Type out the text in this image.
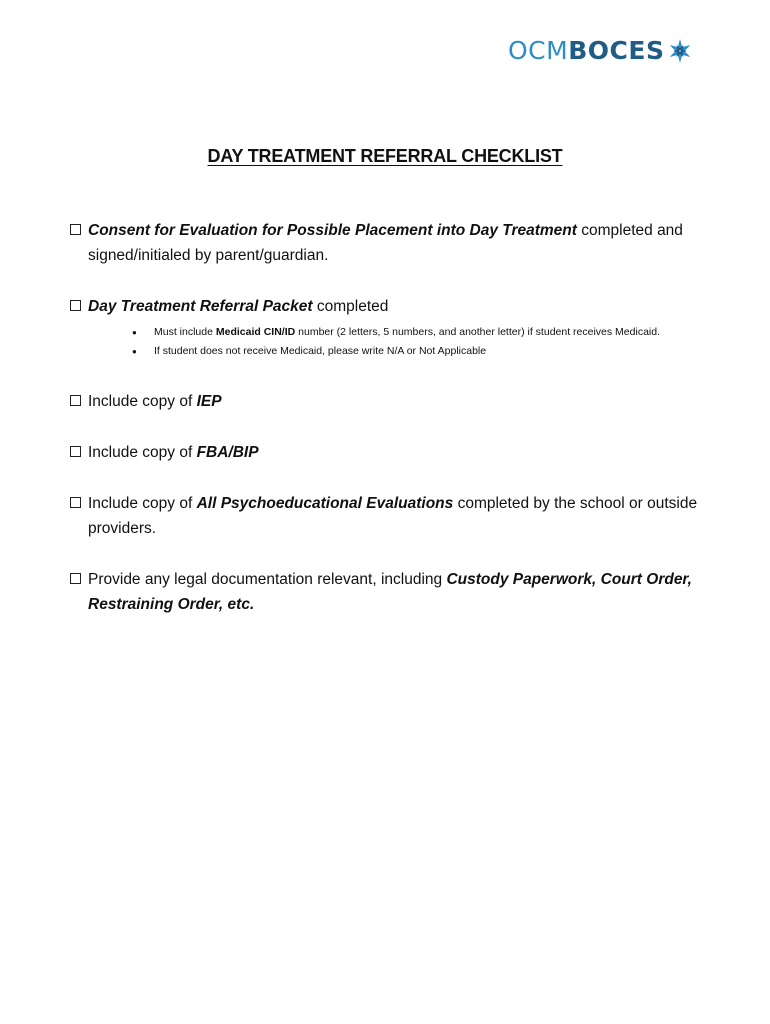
OCMBOCES
DAY TREATMENT REFERRAL CHECKLIST
Consent for Evaluation for Possible Placement into Day Treatment completed and signed/initialed by parent/guardian.
Day Treatment Referral Packet completed
●	Must include Medicaid CIN/ID number (2 letters, 5 numbers, and another letter) if student receives Medicaid.
●	If student does not receive Medicaid, please write N/A or Not Applicable
Include copy of IEP
Include copy of FBA/BIP
Include copy of All Psychoeducational Evaluations completed by the school or outside providers.
Provide any legal documentation relevant, including Custody Paperwork, Court Order, Restraining Order, etc.
